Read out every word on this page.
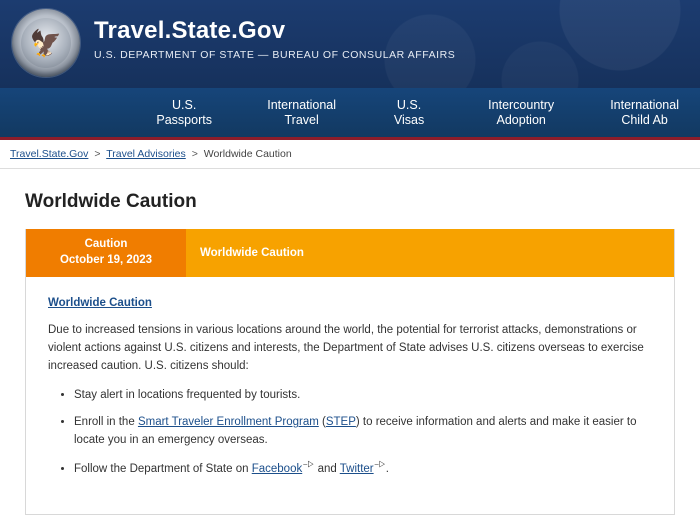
🦅 Travel.State.Gov
U.S. DEPARTMENT OF STATE — BUREAU OF CONSULAR AFFAIRS
U.S. Passports
International Travel
U.S. Visas
Intercountry Adoption
International
Child Ab
Travel.State.Gov > Travel Advisories > Worldwide Caution
Worldwide Caution
Caution
October 19, 2023
Worldwide Caution
Worldwide Caution

Due to increased tensions in various locations around the world, the potential for terrorist attacks, demonstrations or violent actions against U.S. citizens and interests, the Department of State advises U.S. citizens overseas to exercise increased caution. U.S. citizens should:

• Stay alert in locations frequented by tourists.
• Enroll in the Smart Traveler Enrollment Program (STEP) to receive information and alerts and make it easier to locate you in an emergency overseas.
• Follow the Department of State on Facebook⎯▷ and Twitter⎯▷.
